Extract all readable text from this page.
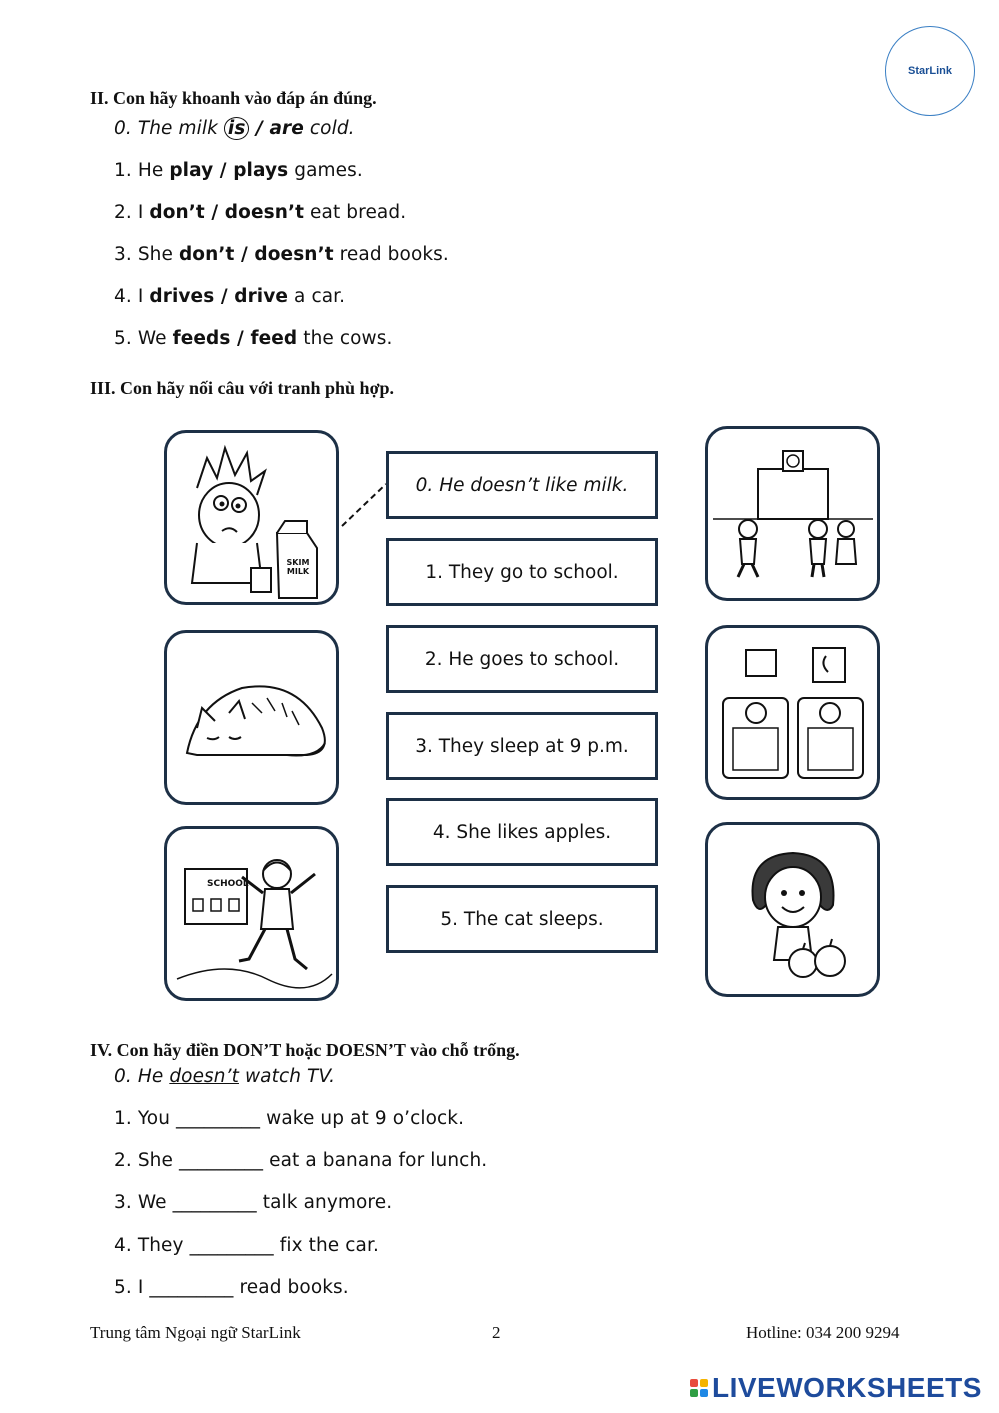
StarLink
II. Con hãy khoanh vào đáp án đúng.
0. The milk is / are cold.
1. He play / plays games.
2. I don’t / doesn’t eat bread.
3. She don’t / doesn’t read books.
4. I drives / drive a car.
5. We feeds / feed the cows.
III. Con hãy nối câu với tranh phù hợp.
SKIM MILK
SCHOOL
0. He doesn’t like milk.
1. They go to school.
2. He goes to school.
3. They sleep at 9 p.m.
4. She likes apples.
5. The cat sleeps.
IV. Con hãy điền DON’T hoặc DOESN’T vào chỗ trống.
0. He doesn’t watch TV.
1. You _________ wake up at 9 o’clock.
2. She _________ eat a banana for lunch.
3. We _________ talk anymore.
4. They _________ fix the car.
5. I _________ read books.
Trung tâm Ngoại ngữ StarLink	2	Hotline: 034 200 9294
LIVEWORKSHEETS
